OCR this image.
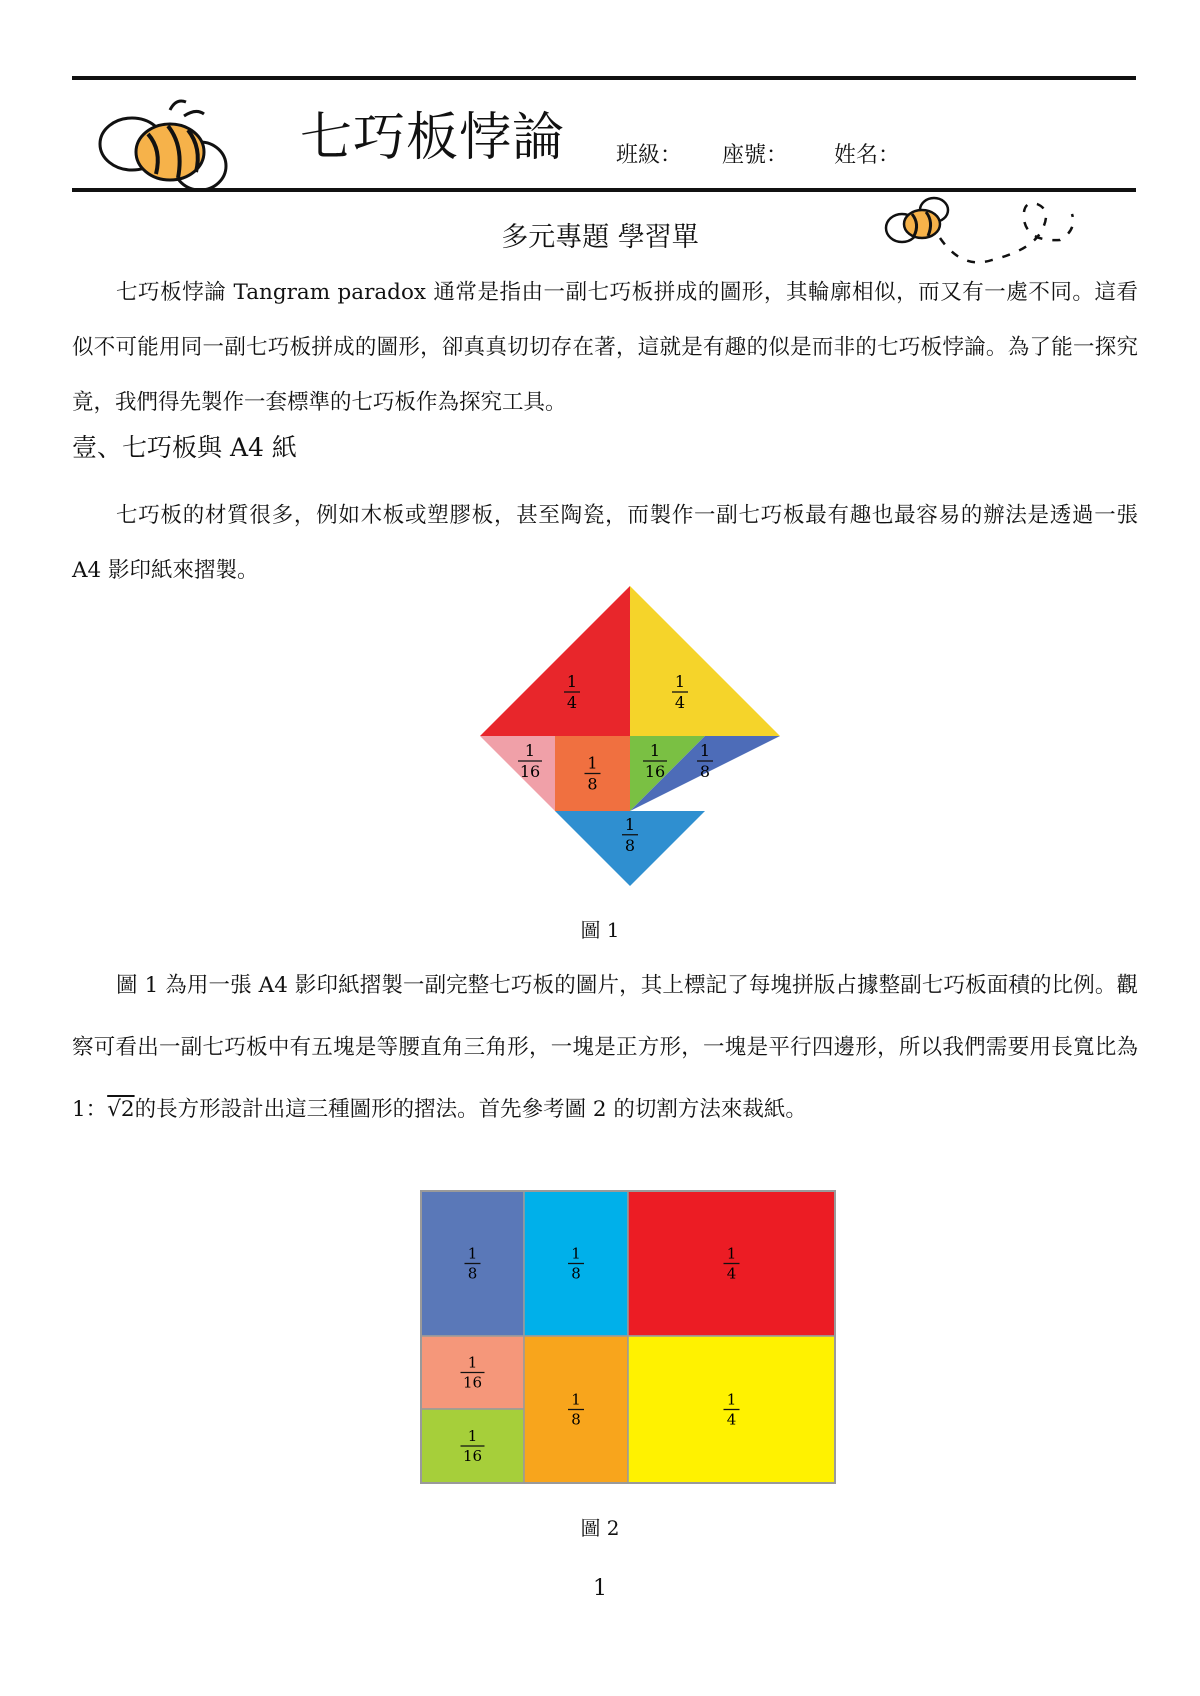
七巧板悖論 班級： 座號： 姓名：
多元專題 學習單
七巧板悖論 Tangram paradox 通常是指由一副七巧板拼成的圖形，其輪廓相似，而又有一處不同。這看似不可能用同一副七巧板拼成的圖形，卻真真切切存在著，這就是有趣的似是而非的七巧板悖論。為了能一探究竟，我們得先製作一套標準的七巧板作為探究工具。
壹、七巧板與 A4 紙
七巧板的材質很多，例如木板或塑膠板，甚至陶瓷，而製作一副七巧板最有趣也最容易的辦法是透過一張 A4 影印紙來摺製。
1
4
1
4
1
16	1
8
1
16
1
8
1
8
圖 1
圖 1 為用一張 A4 影印紙摺製一副完整七巧板的圖片，其上標記了每塊拼版占據整副七巧板面積的比例。觀察可看出一副七巧板中有五塊是等腰直角三角形，一塊是正方形，一塊是平行四邊形，所以我們需要用長寬比為 1：√2的長方形設計出這三種圖形的摺法。首先參考圖 2 的切割方法來裁紙。
1
8
1
8
1
4
1
16
1
16
1
8
1
4
圖 2
1
